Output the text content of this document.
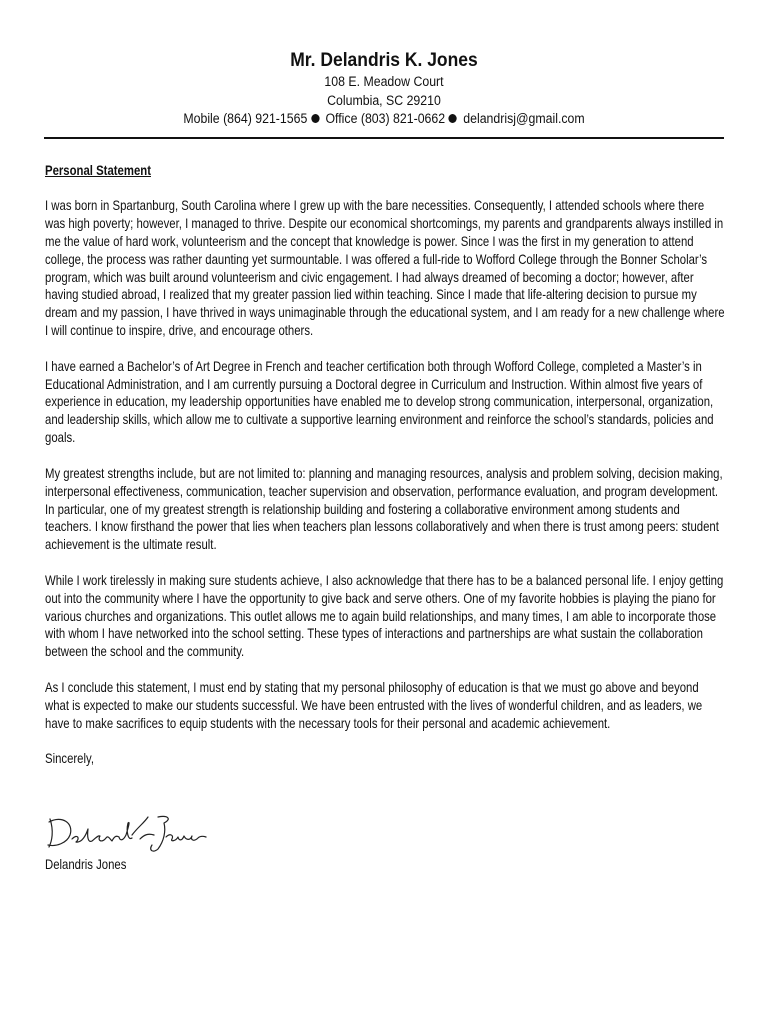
Mr. Delandris K. Jones
108 E. Meadow Court
Columbia, SC 29210
Mobile (864) 921-1565 Office (803) 821-0662 delandrisj@gmail.com
Personal Statement

I was born in Spartanburg, South Carolina where I grew up with the bare necessities. Consequently, I attended schools where there was high poverty; however, I managed to thrive. Despite our economical shortcomings, my parents and grandparents always instilled in me the value of hard work, volunteerism and the concept that knowledge is power. Since I was the first in my generation to attend college, the process was rather daunting yet surmountable. I was offered a full-ride to Wofford College through the Bonner Scholar’s program, which was built around volunteerism and civic engagement. I had always dreamed of becoming a doctor; however, after having studied abroad, I realized that my greater passion lied within teaching. Since I made that life-altering decision to pursue my dream and my passion, I have thrived in ways unimaginable through the educational system, and I am ready for a new challenge where I will continue to inspire, drive, and encourage others.

I have earned a Bachelor’s of Art Degree in French and teacher certification both through Wofford College, completed a Master’s in Educational Administration, and I am currently pursuing a Doctoral degree in Curriculum and Instruction. Within almost five years of experience in education, my leadership opportunities have enabled me to develop strong communication, interpersonal, organization, and leadership skills, which allow me to cultivate a supportive learning environment and reinforce the school’s standards, policies and goals.

My greatest strengths include, but are not limited to: planning and managing resources, analysis and problem solving, decision making, interpersonal effectiveness, communication, teacher supervision and observation, performance evaluation, and program development. In particular, one of my greatest strength is relationship building and fostering a collaborative environment among students and teachers. I know firsthand the power that lies when teachers plan lessons collaboratively and when there is trust among peers: student achievement is the ultimate result.

While I work tirelessly in making sure students achieve, I also acknowledge that there has to be a balanced personal life. I enjoy getting out into the community where I have the opportunity to give back and serve others. One of my favorite hobbies is playing the piano for various churches and organizations. This outlet allows me to again build relationships, and many times, I am able to incorporate those with whom I have networked into the school setting. These types of interactions and partnerships are what sustain the collaboration between the school and the community.

As I conclude this statement, I must end by stating that my personal philosophy of education is that we must go above and beyond what is expected to make our students successful. We have been entrusted with the lives of wonderful children, and as leaders, we have to make sacrifices to equip students with the necessary tools for their personal and academic achievement.

Sincerely,

Delandris Jones
